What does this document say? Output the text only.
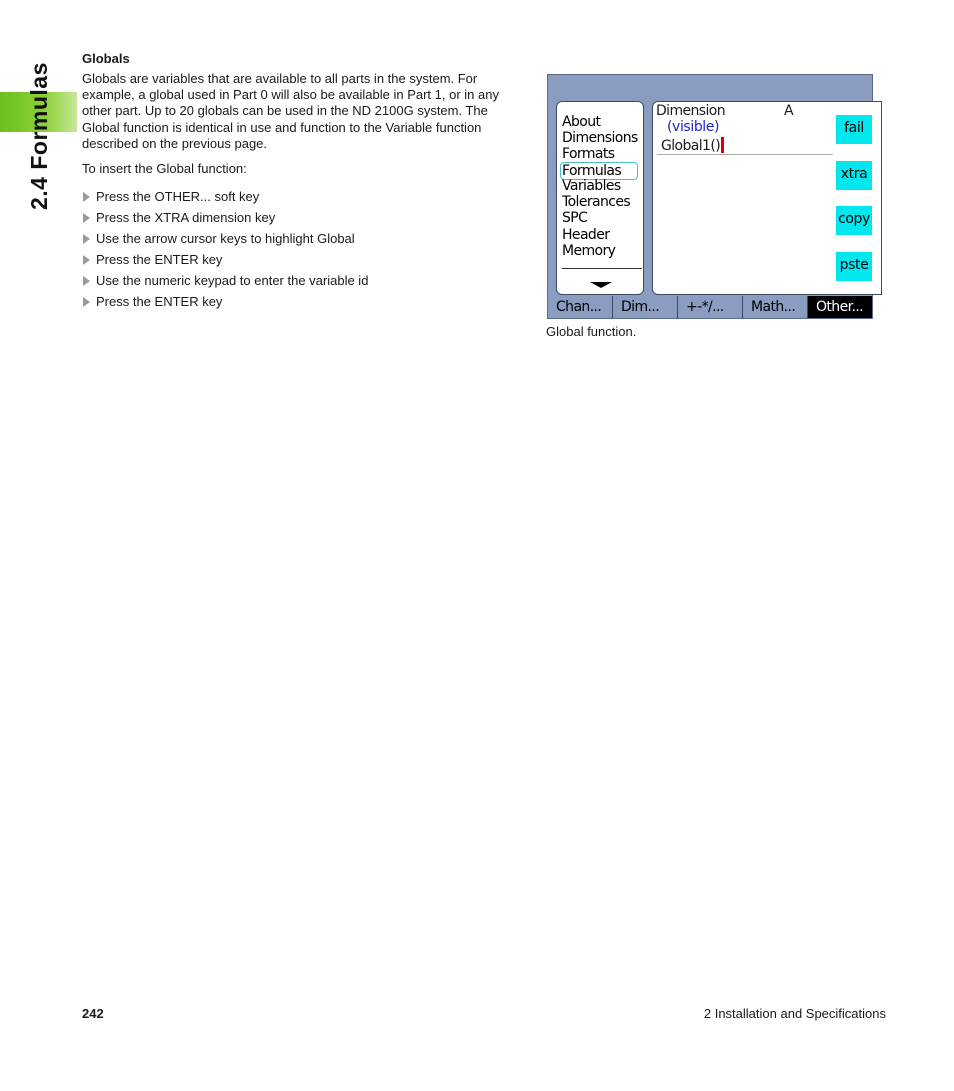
2.4 Formulas
Globals
Globals are variables that are available to all parts in the system. For example, a global used in Part 0 will also be available in Part 1, or in any other part. Up to 20 globals can be used in the ND 2100G system. The Global function is identical in use and function to the Variable function described on the previous page.
To insert the Global function:
Press the OTHER... soft key
Press the XTRA dimension key
Use the arrow cursor keys to highlight Global
Press the ENTER key
Use the numeric keypad to enter the variable id
Press the ENTER key
About
Dimensions
Formats
Formulas
Variables
Tolerances
SPC
Header
Memory
Dimension	A
(visible)
Global1()
fail
xtra
copy
pste
Chan...	Dim...	+-*/...	Math...	Other...
Global function.
242	2 Installation and Specifications
